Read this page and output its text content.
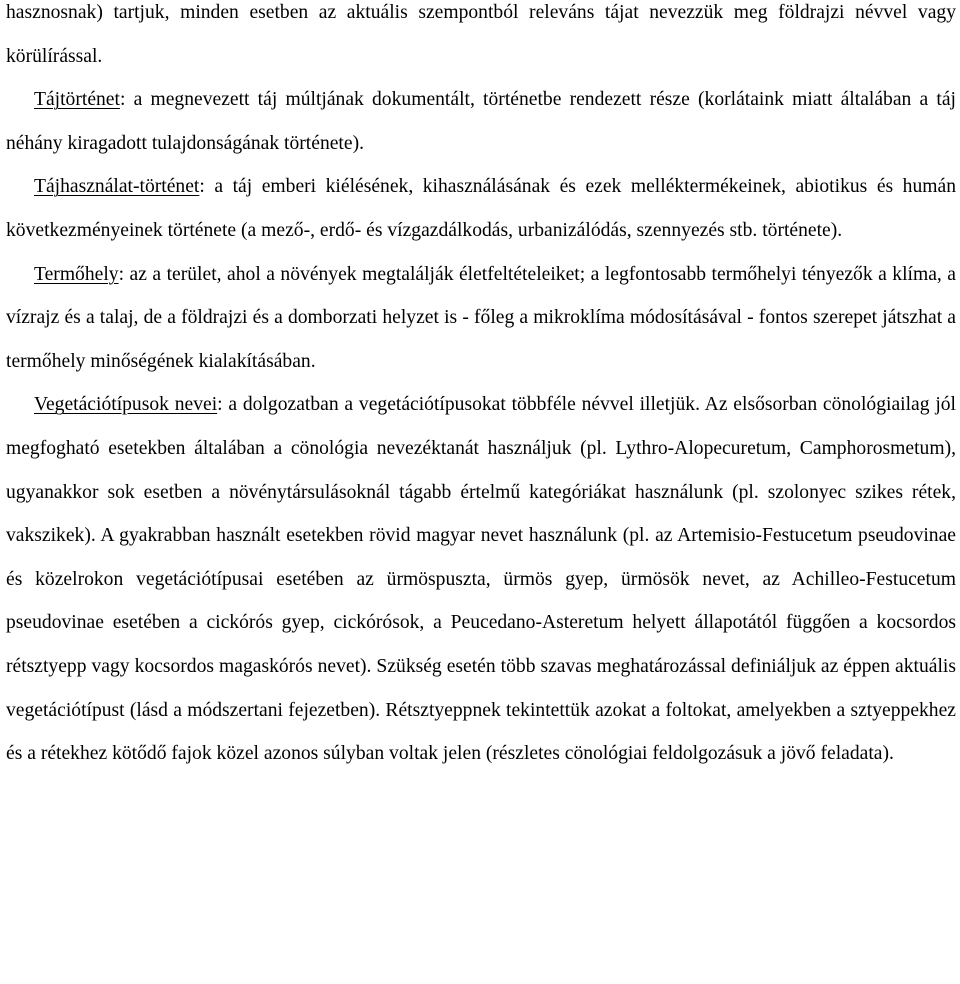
hasznosnak) tartjuk, minden esetben az aktuális szempontból releváns tájat nevezzük meg földrajzi névvel vagy körülírással.

Tájtörténet: a megnevezett táj múltjának dokumentált, történetbe rendezett része (korlátaink miatt általában a táj néhány kiragadott tulajdonságának története).

Tájhasználat-történet: a táj emberi kiélésének, kihasználásának és ezek melléktermékeinek, abiotikus és humán következményeinek története (a mező-, erdő- és vízgazdálkodás, urbanizálódás, szennyezés stb. története).

Termőhely: az a terület, ahol a növények megtalálják életfeltételeiket; a legfontosabb termőhelyi tényezők a klíma, a vízrajz és a talaj, de a földrajzi és a domborzati helyzet is - főleg a mikroklíma módosításával - fontos szerepet játszhat a termőhely minőségének kialakításában.

Vegetációtípusok nevei: a dolgozatban a vegetációtípusokat többféle névvel illetjük. Az elsősorban cönológiailag jól megfogható esetekben általában a cönológia nevezéktanát használjuk (pl. Lythro-Alopecuretum, Camphorosmetum), ugyanakkor sok esetben a növénytársulásoknál tágabb értelmű kategóriákat használunk (pl. szolonyec szikes rétek, vakszikek). A gyakrabban használt esetekben rövid magyar nevet használunk (pl. az Artemisio-Festucetum pseudovinae és közelrokon vegetációtípusai esetében az ürmöspuszta, ürmös gyep, ürmösök nevet, az Achilleo-Festucetum pseudovinae esetében a cickórós gyep, cickórósok, a Peucedano-Asteretum helyett állapotától függően a kocsordos rétsztyepp vagy kocsordos magaskórós nevet). Szükség esetén több szavas meghatározással definiáljuk az éppen aktuális vegetációtípust (lásd a módszertani fejezetben). Rétsztyeppnek tekintettük azokat a foltokat, amelyekben a sztyeppekhez és a rétekhez kötődő fajok közel azonos súlyban voltak jelen (részletes cönológiai feldolgozásuk a jövő feladata).
